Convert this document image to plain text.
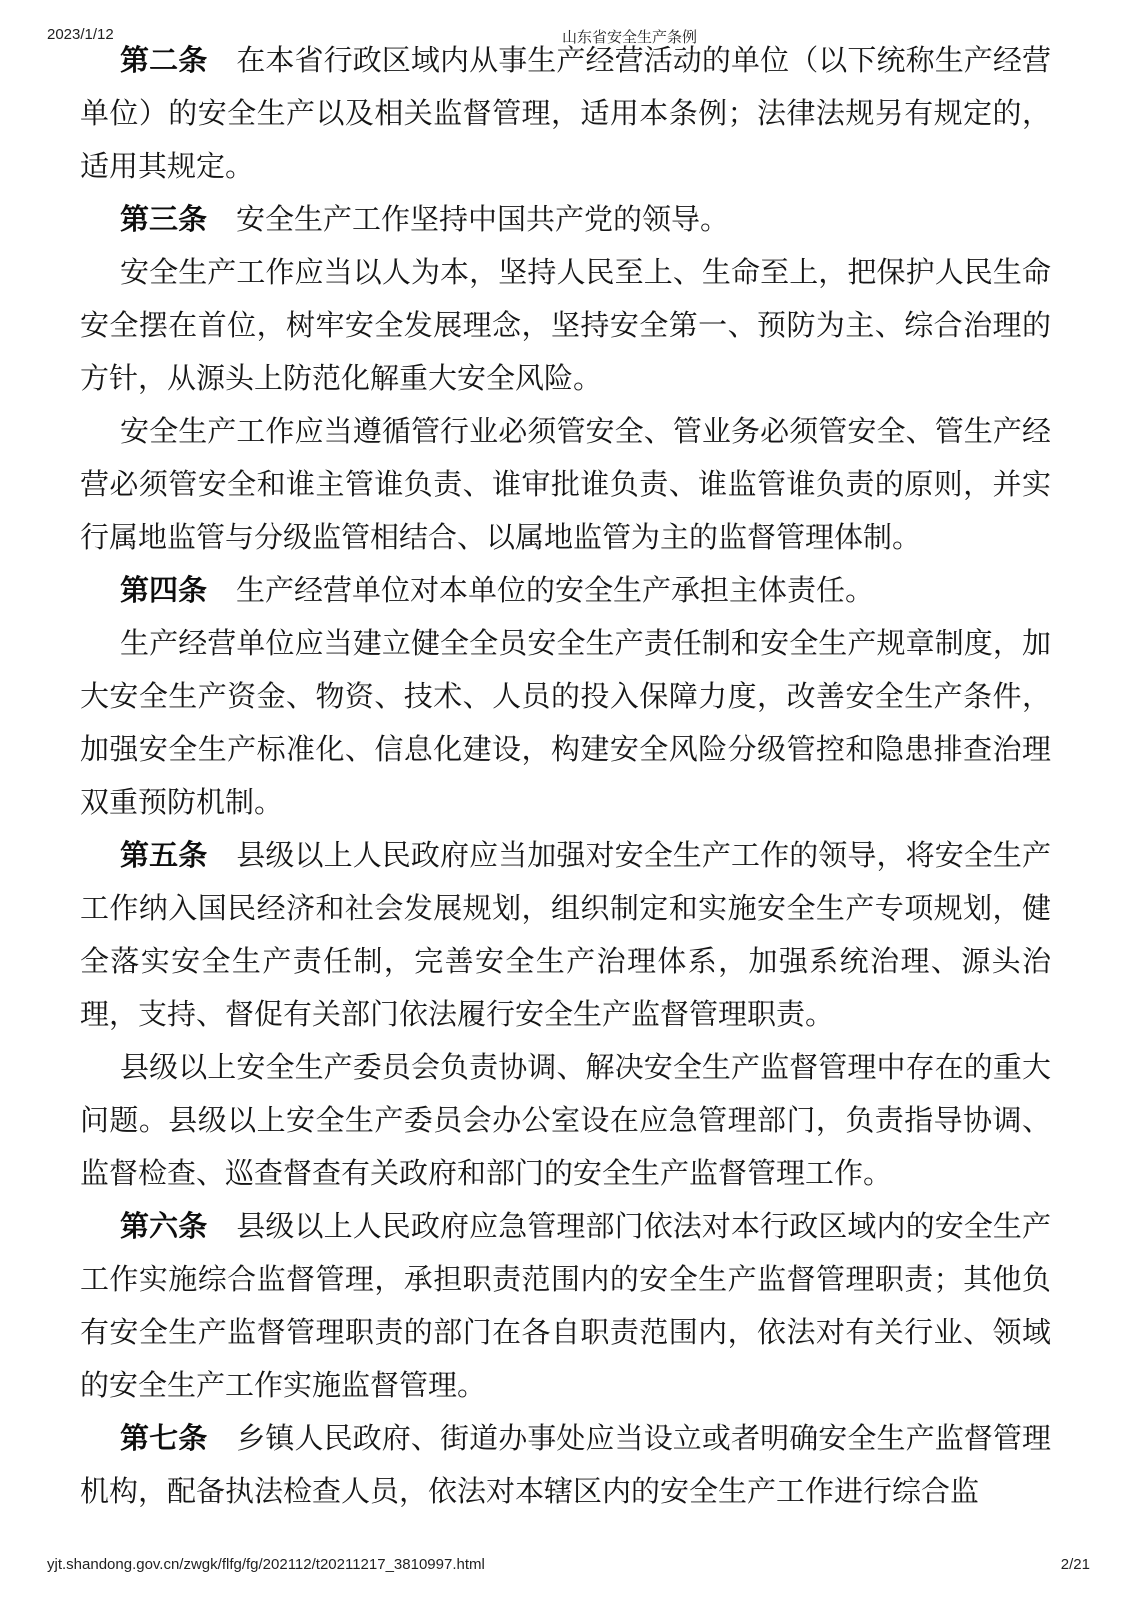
2023/1/12	山东省安全生产条例

第二条 在本省行政区域内从事生产经营活动的单位（以下统称生产经营单位）的安全生产以及相关监督管理，适用本条例；法律法规另有规定的，适用其规定。

第三条 安全生产工作坚持中国共产党的领导。

安全生产工作应当以人为本，坚持人民至上、生命至上，把保护人民生命安全摆在首位，树牢安全发展理念，坚持安全第一、预防为主、综合治理的方针，从源头上防范化解重大安全风险。

安全生产工作应当遵循管行业必须管安全、管业务必须管安全、管生产经营必须管安全和谁主管谁负责、谁审批谁负责、谁监管谁负责的原则，并实行属地监管与分级监管相结合、以属地监管为主的监督管理体制。

第四条 生产经营单位对本单位的安全生产承担主体责任。

生产经营单位应当建立健全全员安全生产责任制和安全生产规章制度，加大安全生产资金、物资、技术、人员的投入保障力度，改善安全生产条件，加强安全生产标准化、信息化建设，构建安全风险分级管控和隐患排查治理双重预防机制。

第五条 县级以上人民政府应当加强对安全生产工作的领导，将安全生产工作纳入国民经济和社会发展规划，组织制定和实施安全生产专项规划，健全落实安全生产责任制，完善安全生产治理体系，加强系统治理、源头治理，支持、督促有关部门依法履行安全生产监督管理职责。

县级以上安全生产委员会负责协调、解决安全生产监督管理中存在的重大问题。县级以上安全生产委员会办公室设在应急管理部门，负责指导协调、监督检查、巡查督查有关政府和部门的安全生产监督管理工作。

第六条 县级以上人民政府应急管理部门依法对本行政区域内的安全生产工作实施综合监督管理，承担职责范围内的安全生产监督管理职责；其他负有安全生产监督管理职责的部门在各自职责范围内，依法对有关行业、领域的安全生产工作实施监督管理。

第七条 乡镇人民政府、街道办事处应当设立或者明确安全生产监督管理机构，配备执法检查人员，依法对本辖区内的安全生产工作进行综合监

yjt.shandong.gov.cn/zwgk/flfg/fg/202112/t20211217_3810997.html	2/21
